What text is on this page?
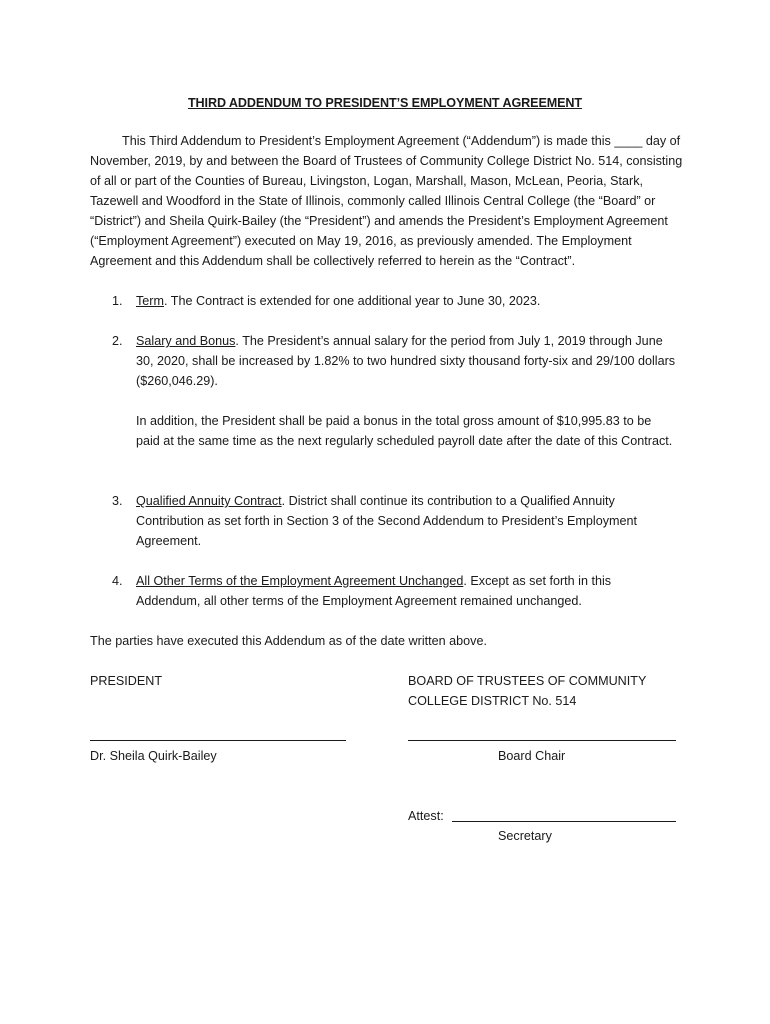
THIRD ADDENDUM TO PRESIDENT’S EMPLOYMENT AGREEMENT

This Third Addendum to President’s Employment Agreement (“Addendum”) is made this ____ day of November, 2019, by and between the Board of Trustees of Community College District No. 514, consisting of all or part of the Counties of Bureau, Livingston, Logan, Marshall, Mason, McLean, Peoria, Stark, Tazewell and Woodford in the State of Illinois, commonly called Illinois Central College (the “Board” or “District”) and Sheila Quirk-Bailey (the “President”) and amends the President’s Employment Agreement (“Employment Agreement”) executed on May 19, 2016, as previously amended. The Employment Agreement and this Addendum shall be collectively referred to herein as the “Contract”.

1. Term. The Contract is extended for one additional year to June 30, 2023.
2. Salary and Bonus. The President’s annual salary for the period from July 1, 2019 through June 30, 2020, shall be increased by 1.82% to two hundred sixty thousand forty-six and 29/100 dollars ($260,046.29).
In addition, the President shall be paid a bonus in the total gross amount of $10,995.83 to be paid at the same time as the next regularly scheduled payroll date after the date of this Contract.
3. Qualified Annuity Contract. District shall continue its contribution to a Qualified Annuity Contribution as set forth in Section 3 of the Second Addendum to President’s Employment Agreement.
4. All Other Terms of the Employment Agreement Unchanged. Except as set forth in this Addendum, all other terms of the Employment Agreement remained unchanged.
The parties have executed this Addendum as of the date written above.
PRESIDENT	BOARD OF TRUSTEES OF COMMUNITY
COLLEGE DISTRICT No. 514
Dr. Sheila Quirk-Bailey	Board Chair
Attest:
Secretary
